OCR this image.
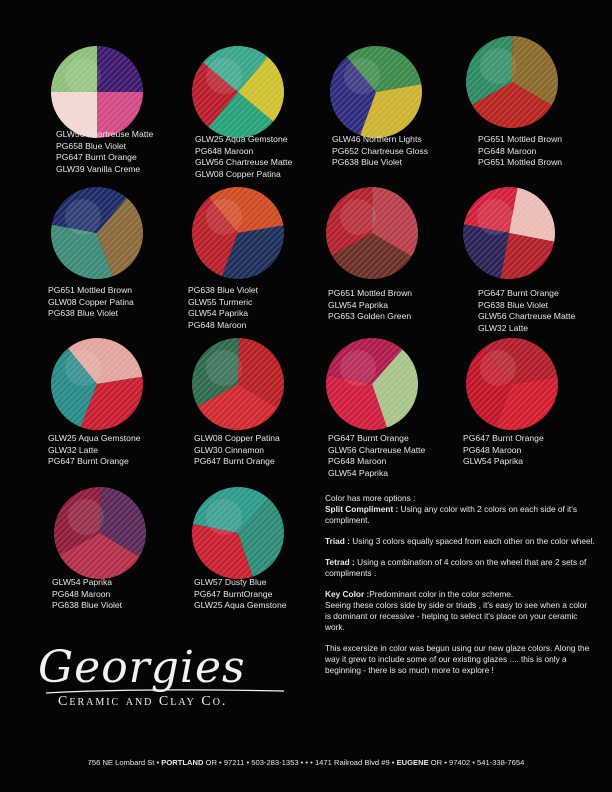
GLW56 Chartreuse Matte
PG658 Blue Violet
PG647 Burnt Orange
GLW39 Vanilla Creme
GLW25 Aqua Gemstone
PG648 Maroon
GLW56 Chartreuse Matte
GLW08 Copper Patina
GLW46 Northern Lights
PG652 Chartreuse Gloss
PG638 Blue Violet
PG651 Mottled Brown
PG648 Maroon
PG651 Mottled Brown
PG651 Mottled Brown
GLW08 Copper Patina
PG638 Blue Violet
PG638 Blue Violet
GLW55 Turmeric
GLW54 Paprika
PG648 Maroon
PG651 Mottled Brown
GLW54 Paprika
PG653 Golden Green
PG647 Burnt Orange
PG638 Blue Violet
GLW56 Chartreuse Matte
GLW32 Latte
GLW25 Aqua Gemstone
GLW32 Latte
PG647 Burnt Orange
GLW08 Copper Patina
GLW30 Cinnamon
PG647 Burnt Orange
PG647 Burnt Orange
GLW56 Chartreuse Matte
PG648 Maroon
GLW54 Paprika
PG647 Burnt Orange
PG648 Maroon
GLW54 Paprika
GLW54 Paprika
PG648 Maroon
PG638 Blue Violet
GLW57 Dusty Blue
PG647 BurntOrange
GLW25 Aqua Gemstone

Color has more options :

Split Compliment : Using any color with 2 colors on each side of it's compliment.

Triad : Using 3 colors equally spaced from each other on the color wheel.

Tetrad : Using a combination of 4 colors on the wheel that are 2 sets of compliments .

Key Color :Predominant color in the color scheme.

Seeing these colors side by side or triads , it's easy to see when a color is dominant or recessive - helping to select it's place on your ceramic work.

This excersize in color was begun using our new glaze colors. Along the way it grew to include some of our existing glazes .... this is only a beginning - there is so much more to explore !

Georgies
Ceramic and Clay Co.
756 NE Lombard St • PORTLAND OR • 97211 • 503-283-1353 • • • 1471 Railroad Blvd #9 • EUGENE OR • 97402 • 541-338-7654
